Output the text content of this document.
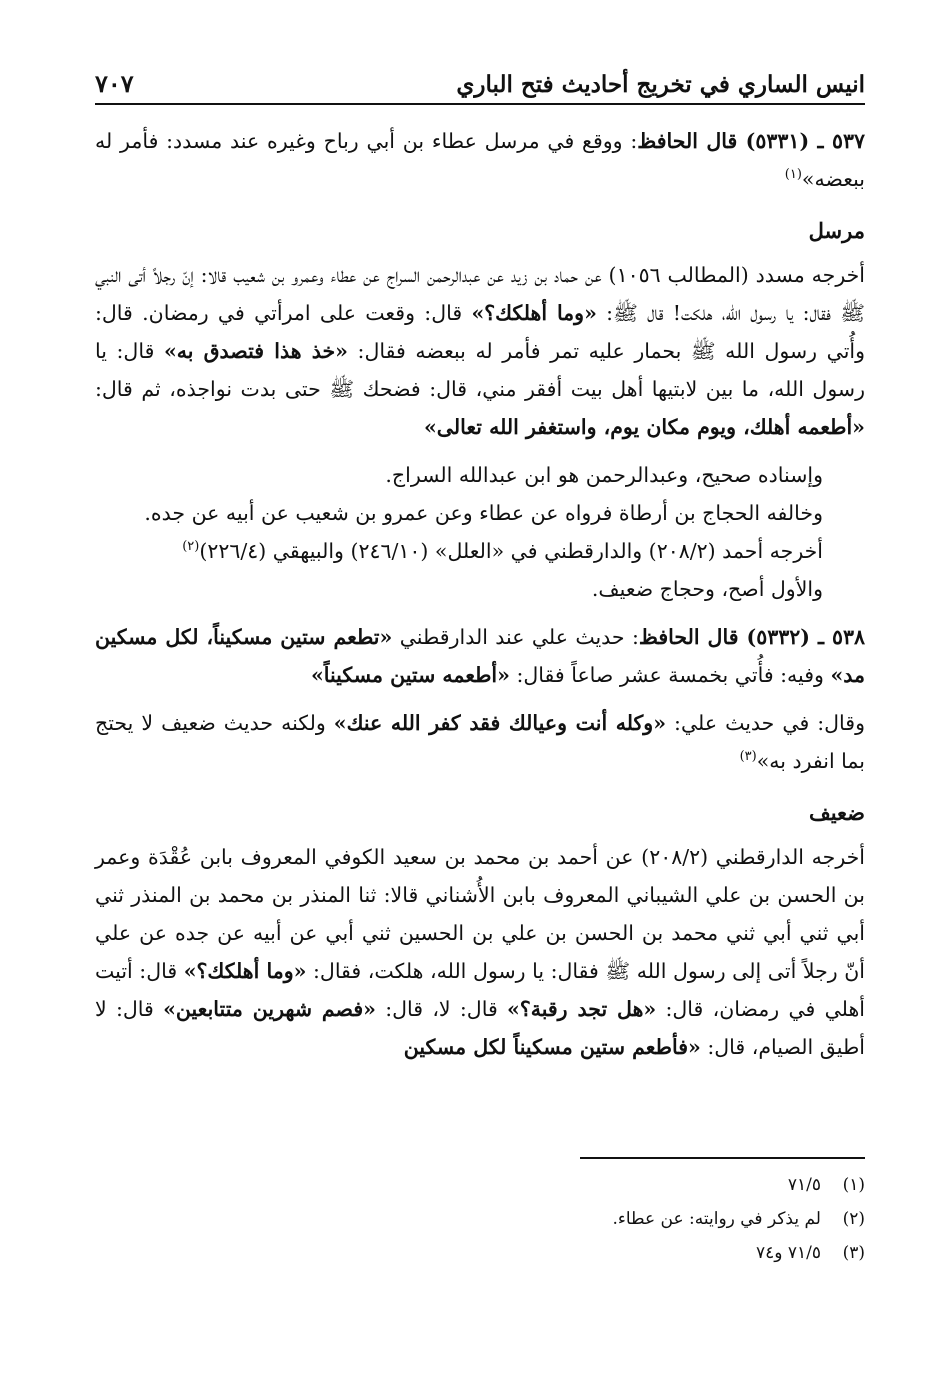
انيس الساري في تخريج أحاديث فتح الباري
٧٠٧

٥٣٧ ـ (٥٣٣١) قال الحافظ: ووقع في مرسل عطاء بن أبي رباح وغيره عند مسدد: فأمر له ببعضه»$^{(١)}$

مرسل

أخرجه مسدد (المطالب ١٠٥٦) عن حماد بن زيد عن عبدالرحمن السراج عن عطاء وعمرو بن شعيب قالا: إنّ رجلاً أتى النبي ﷺ فقال: يا رسول الله، هلكت! قال ﷺ: «وما أهلكك؟» قال: وقعت على امرأتي في رمضان. قال: وأُتي رسول الله ﷺ بحمار عليه تمر فأمر له ببعضه فقال: «خذ هذا فتصدق به» قال: يا رسول الله، ما بين لابتيها أهل بيت أفقر مني، قال: فضحك ﷺ حتى بدت نواجذه، ثم قال: «أطعمه أهلك، ويوم مكان يوم، واستغفر الله تعالى»

وإسناده صحيح، وعبدالرحمن هو ابن عبدالله السراج.

وخالفه الحجاج بن أرطاة فرواه عن عطاء وعن عمرو بن شعيب عن أبيه عن جده.

أخرجه أحمد (٢٠٨/٢) والدارقطني في «العلل» (٢٤٦/١٠) والبيهقي (٢٢٦/٤)$^{(٢)}$

والأول أصح، وحجاج ضعيف.

٥٣٨ ـ (٥٣٣٢) قال الحافظ: حديث علي عند الدارقطني «تطعم ستين مسكيناً، لكل مسكين مد» وفيه: فأُتي بخمسة عشر صاعاً فقال: «أطعمه ستين مسكيناً»

وقال: في حديث علي: «وكله أنت وعيالك فقد كفر الله عنك» ولكنه حديث ضعيف لا يحتج بما انفرد به»$^{(٣)}$

ضعيف

أخرجه الدارقطني (٢٠٨/٢) عن أحمد بن محمد بن سعيد الكوفي المعروف بابن عُقْدَة وعمر بن الحسن بن علي الشيباني المعروف بابن الأُشناني قالا: ثنا المنذر بن محمد بن المنذر ثني أبي ثني أبي ثني محمد بن الحسن بن علي بن الحسين ثني أبي عن أبيه عن جده عن علي أنّ رجلاً أتى إلى رسول الله ﷺ فقال: يا رسول الله، هلكت، فقال: «وما أهلكك؟» قال: أتيت أهلي في رمضان، قال: «هل تجد رقبة؟» قال: لا، قال: «فصم شهرين متتابعين» قال: لا أطيق الصيام، قال: «فأطعم ستين مسكيناً لكل مسكين

(١)٧١/٥
(٢)لم يذكر في روايته: عن عطاء.
(٣)٧١/٥ و٧٤
